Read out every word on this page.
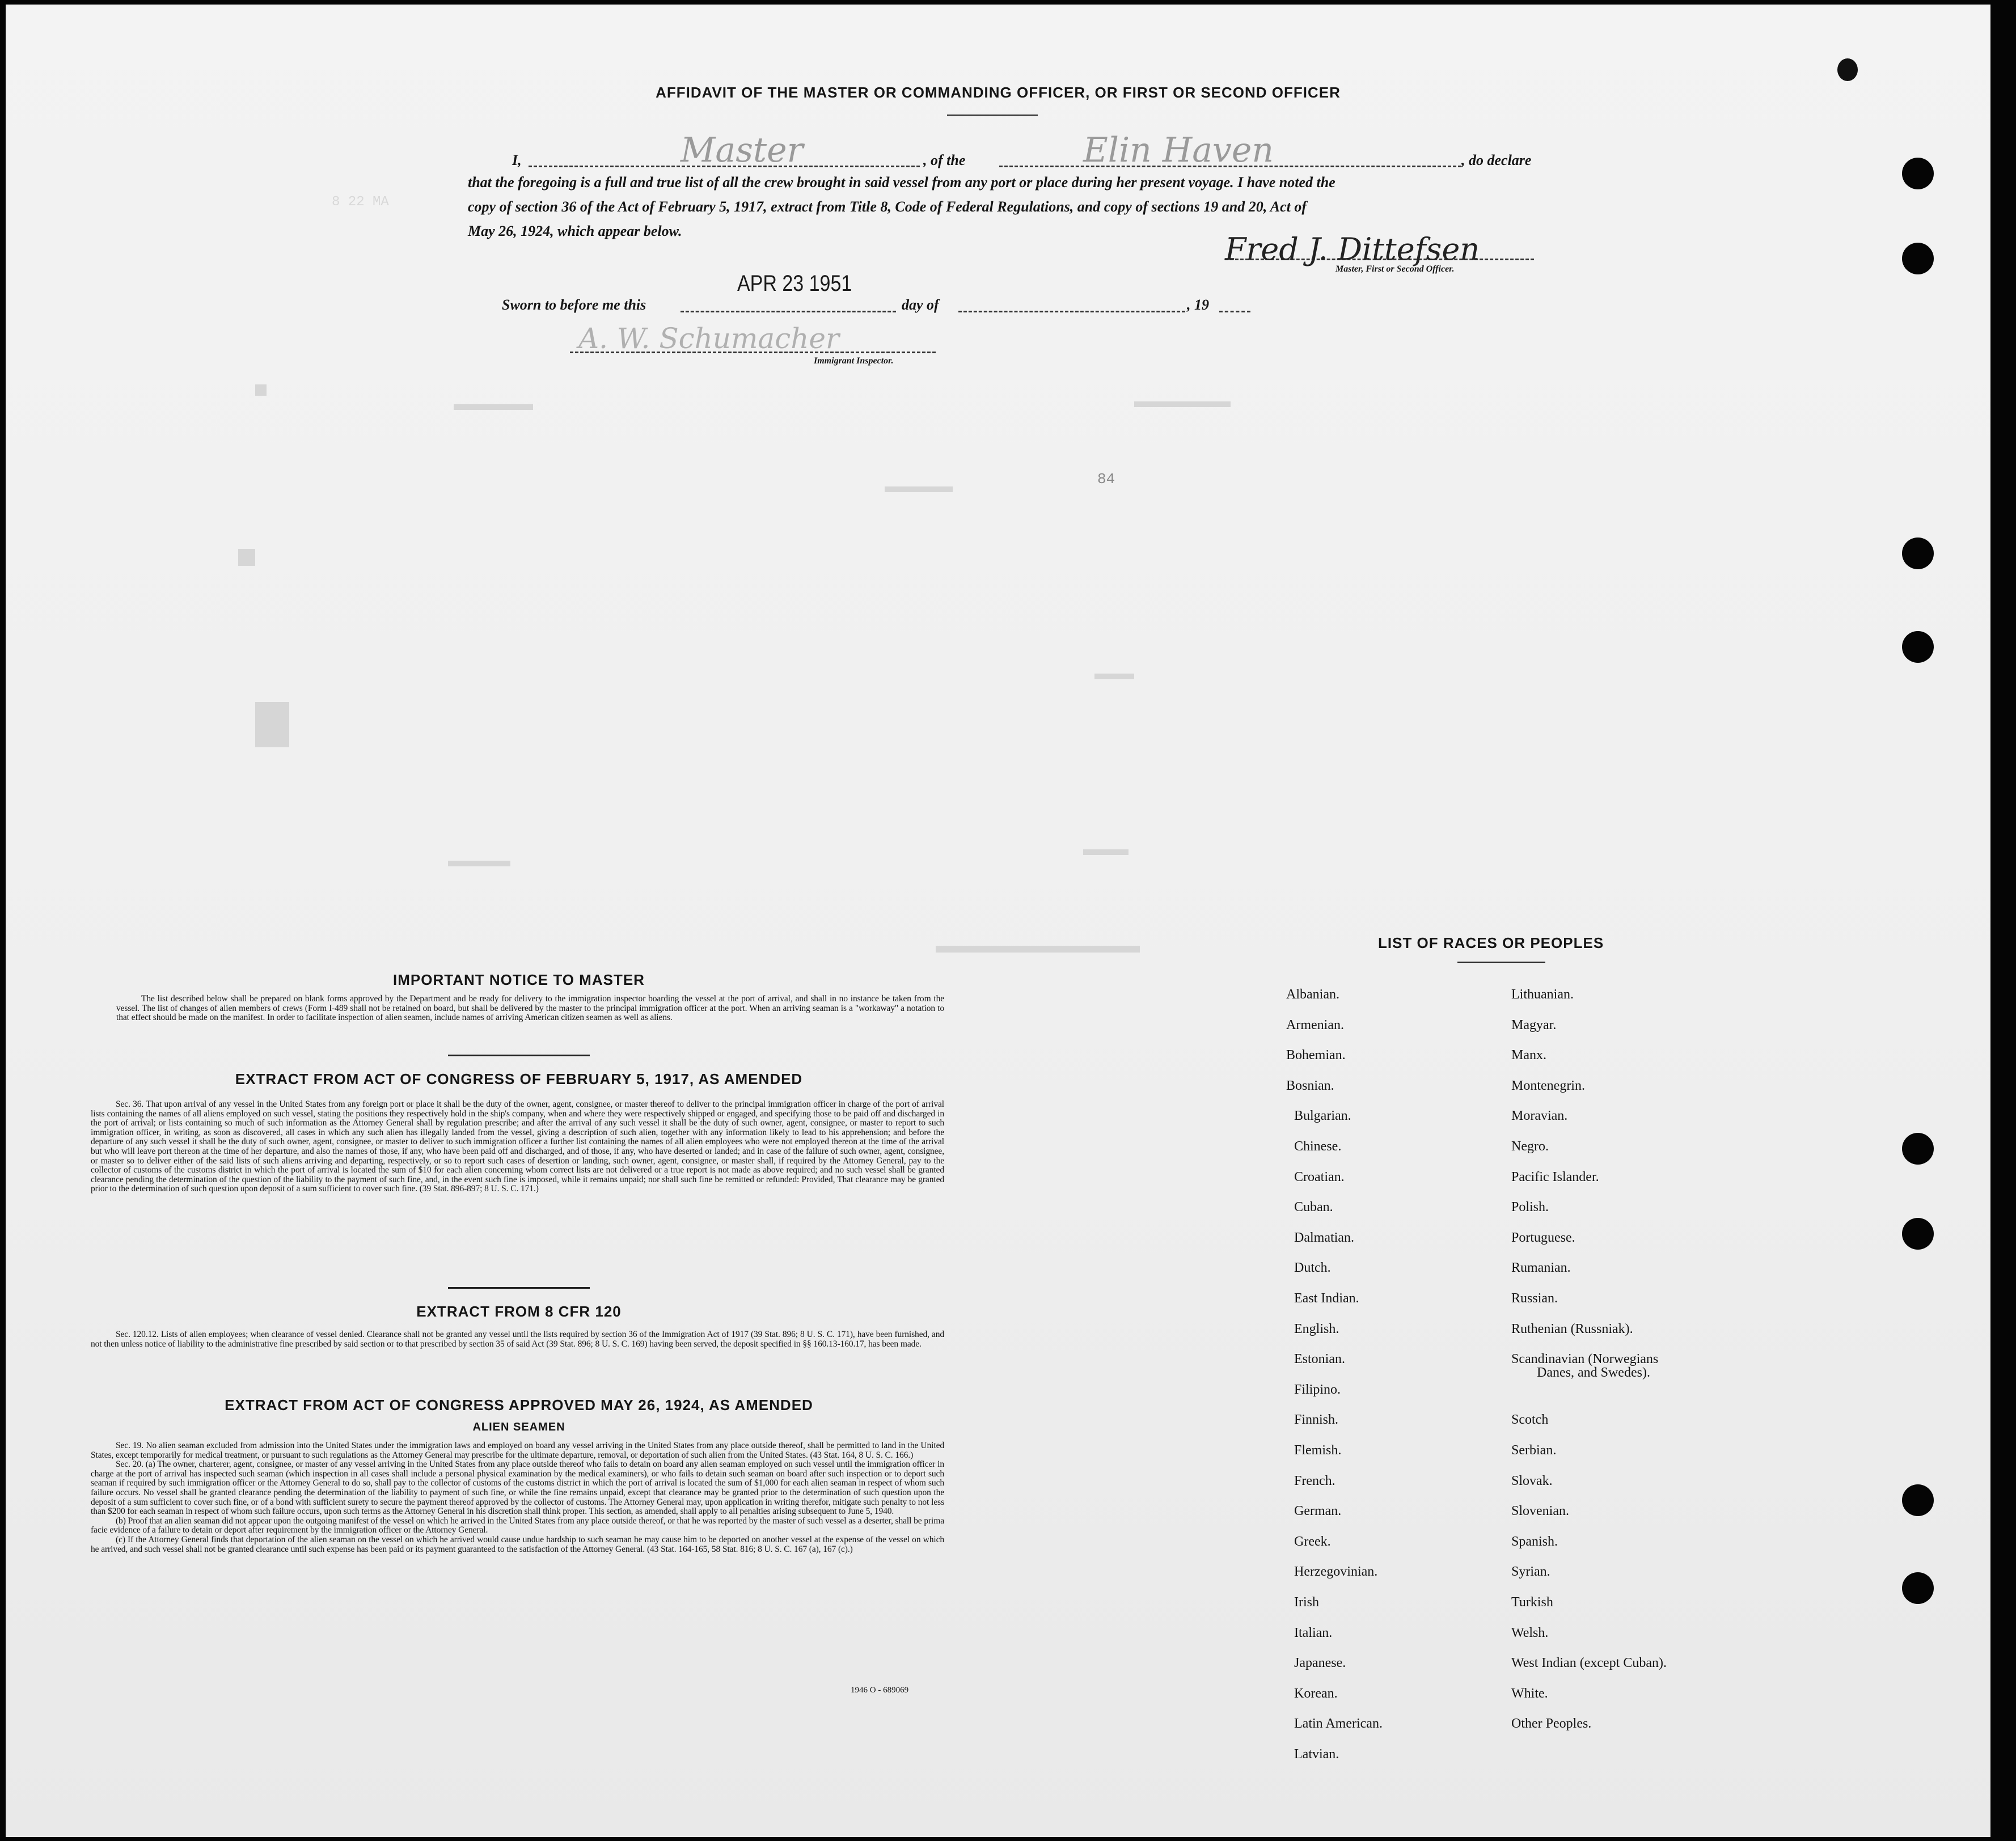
AFFIDAVIT OF THE MASTER OR COMMANDING OFFICER, OR FIRST OR SECOND OFFICER
I,	Master	, of the	Elin Haven	, do declare
that the foregoing is a full and true list of all the crew brought in said vessel from any port or place during her present voyage. I have noted the
copy of section 36 of the Act of February 5, 1917, extract from Title 8, Code of Federal Regulations, and copy of sections 19 and 20, Act of
May 26, 1924, which appear below.
Fred J. Dittefsen
Master, First or Second Officer.
Sworn to before me this
APR 23 1951
day of	, 19
A. W. Schumacher
Immigrant Inspector.
8 22 MA
84
IMPORTANT NOTICE TO MASTER

The list described below shall be prepared on blank forms approved by the Department and be ready for delivery to the immigration inspector boarding the vessel at the port of arrival, and shall in no instance be taken from the vessel. The list of changes of alien members of crews (Form I-489 shall not be retained on board, but shall be delivered by the master to the principal immigration officer at the port. When an arriving seaman is a "workaway" a notation to that effect should be made on the manifest. In order to facilitate inspection of alien seamen, include names of arriving American citizen seamen as well as aliens.

EXTRACT FROM ACT OF CONGRESS OF FEBRUARY 5, 1917, AS AMENDED

Sec. 36. That upon arrival of any vessel in the United States from any foreign port or place it shall be the duty of the owner, agent, consignee, or master thereof to deliver to the principal immigration officer in charge of the port of arrival lists containing the names of all aliens employed on such vessel, stating the positions they respectively hold in the ship's company, when and where they were respectively shipped or engaged, and specifying those to be paid off and discharged in the port of arrival; or lists containing so much of such information as the Attorney General shall by regulation prescribe; and after the arrival of any such vessel it shall be the duty of such owner, agent, consignee, or master to report to such immigration officer, in writing, as soon as discovered, all cases in which any such alien has illegally landed from the vessel, giving a description of such alien, together with any information likely to lead to his apprehension; and before the departure of any such vessel it shall be the duty of such owner, agent, consignee, or master to deliver to such immigration officer a further list containing the names of all alien employees who were not employed thereon at the time of the arrival but who will leave port thereon at the time of her departure, and also the names of those, if any, who have been paid off and discharged, and of those, if any, who have deserted or landed; and in case of the failure of such owner, agent, consignee, or master so to deliver either of the said lists of such aliens arriving and departing, respectively, or so to report such cases of desertion or landing, such owner, agent, consignee, or master shall, if required by the Attorney General, pay to the collector of customs of the customs district in which the port of arrival is located the sum of $10 for each alien concerning whom correct lists are not delivered or a true report is not made as above required; and no such vessel shall be granted clearance pending the determination of the question of the liability to the payment of such fine, and, in the event such fine is imposed, while it remains unpaid; nor shall such fine be remitted or refunded: Provided, That clearance may be granted prior to the determination of such question upon deposit of a sum sufficient to cover such fine. (39 Stat. 896-897; 8 U. S. C. 171.)

EXTRACT FROM 8 CFR 120

Sec. 120.12. Lists of alien employees; when clearance of vessel denied. Clearance shall not be granted any vessel until the lists required by section 36 of the Immigration Act of 1917 (39 Stat. 896; 8 U. S. C. 171), have been furnished, and not then unless notice of liability to the administrative fine prescribed by said section or to that prescribed by section 35 of said Act (39 Stat. 896; 8 U. S. C. 169) having been served, the deposit specified in §§ 160.13-160.17, has been made.

EXTRACT FROM ACT OF CONGRESS APPROVED MAY 26, 1924, AS AMENDED
ALIEN SEAMEN

Sec. 19. No alien seaman excluded from admission into the United States under the immigration laws and employed on board any vessel arriving in the United States from any place outside thereof, shall be permitted to land in the United States, except temporarily for medical treatment, or pursuant to such regulations as the Attorney General may prescribe for the ultimate departure, removal, or deportation of such alien from the United States. (43 Stat. 164, 8 U. S. C. 166.)

Sec. 20. (a) The owner, charterer, agent, consignee, or master of any vessel arriving in the United States from any place outside thereof who fails to detain on board any alien seaman employed on such vessel until the immigration officer in charge at the port of arrival has inspected such seaman (which inspection in all cases shall include a personal physical examination by the medical examiners), or who fails to detain such seaman on board after such inspection or to deport such seaman if required by such immigration officer or the Attorney General to do so, shall pay to the collector of customs of the customs district in which the port of arrival is located the sum of $1,000 for each alien seaman in respect of whom such failure occurs. No vessel shall be granted clearance pending the determination of the liability to payment of such fine, or while the fine remains unpaid, except that clearance may be granted prior to the determination of such question upon the deposit of a sum sufficient to cover such fine, or of a bond with sufficient surety to secure the payment thereof approved by the collector of customs. The Attorney General may, upon application in writing therefor, mitigate such penalty to not less than $200 for each seaman in respect of whom such failure occurs, upon such terms as the Attorney General in his discretion shall think proper. This section, as amended, shall apply to all penalties arising subsequent to June 5, 1940.

(b) Proof that an alien seaman did not appear upon the outgoing manifest of the vessel on which he arrived in the United States from any place outside thereof, or that he was reported by the master of such vessel as a deserter, shall be prima facie evidence of a failure to detain or deport after requirement by the immigration officer or the Attorney General.

(c) If the Attorney General finds that deportation of the alien seaman on the vessel on which he arrived would cause undue hardship to such seaman he may cause him to be deported on another vessel at the expense of the vessel on which he arrived, and such vessel shall not be granted clearance until such expense has been paid or its payment guaranteed to the satisfaction of the Attorney General. (43 Stat. 164-165, 58 Stat. 816; 8 U. S. C. 167 (a), 167 (c).)

1946 O - 689069
LIST OF RACES OR PEOPLES
Albanian.
Armenian.
Bohemian.
Bosnian.
Bulgarian.
Chinese.
Croatian.
Cuban.
Dalmatian.
Dutch.
East Indian.
English.
Estonian.
Filipino.
Finnish.
Flemish.
French.
German.
Greek.
Herzegovinian.
Irish
Italian.
Japanese.
Korean.
Latin American.
Latvian.
Lithuanian.
Magyar.
Manx.
Montenegrin.
Moravian.
Negro.
Pacific Islander.
Polish.
Portuguese.
Rumanian.
Russian.
Ruthenian (Russniak).
Scandinavian (Norwegians
Danes, and Swedes).
Scotch
Serbian.
Slovak.
Slovenian.
Spanish.
Syrian.
Turkish
Welsh.
West Indian (except Cuban).
White.
Other Peoples.
